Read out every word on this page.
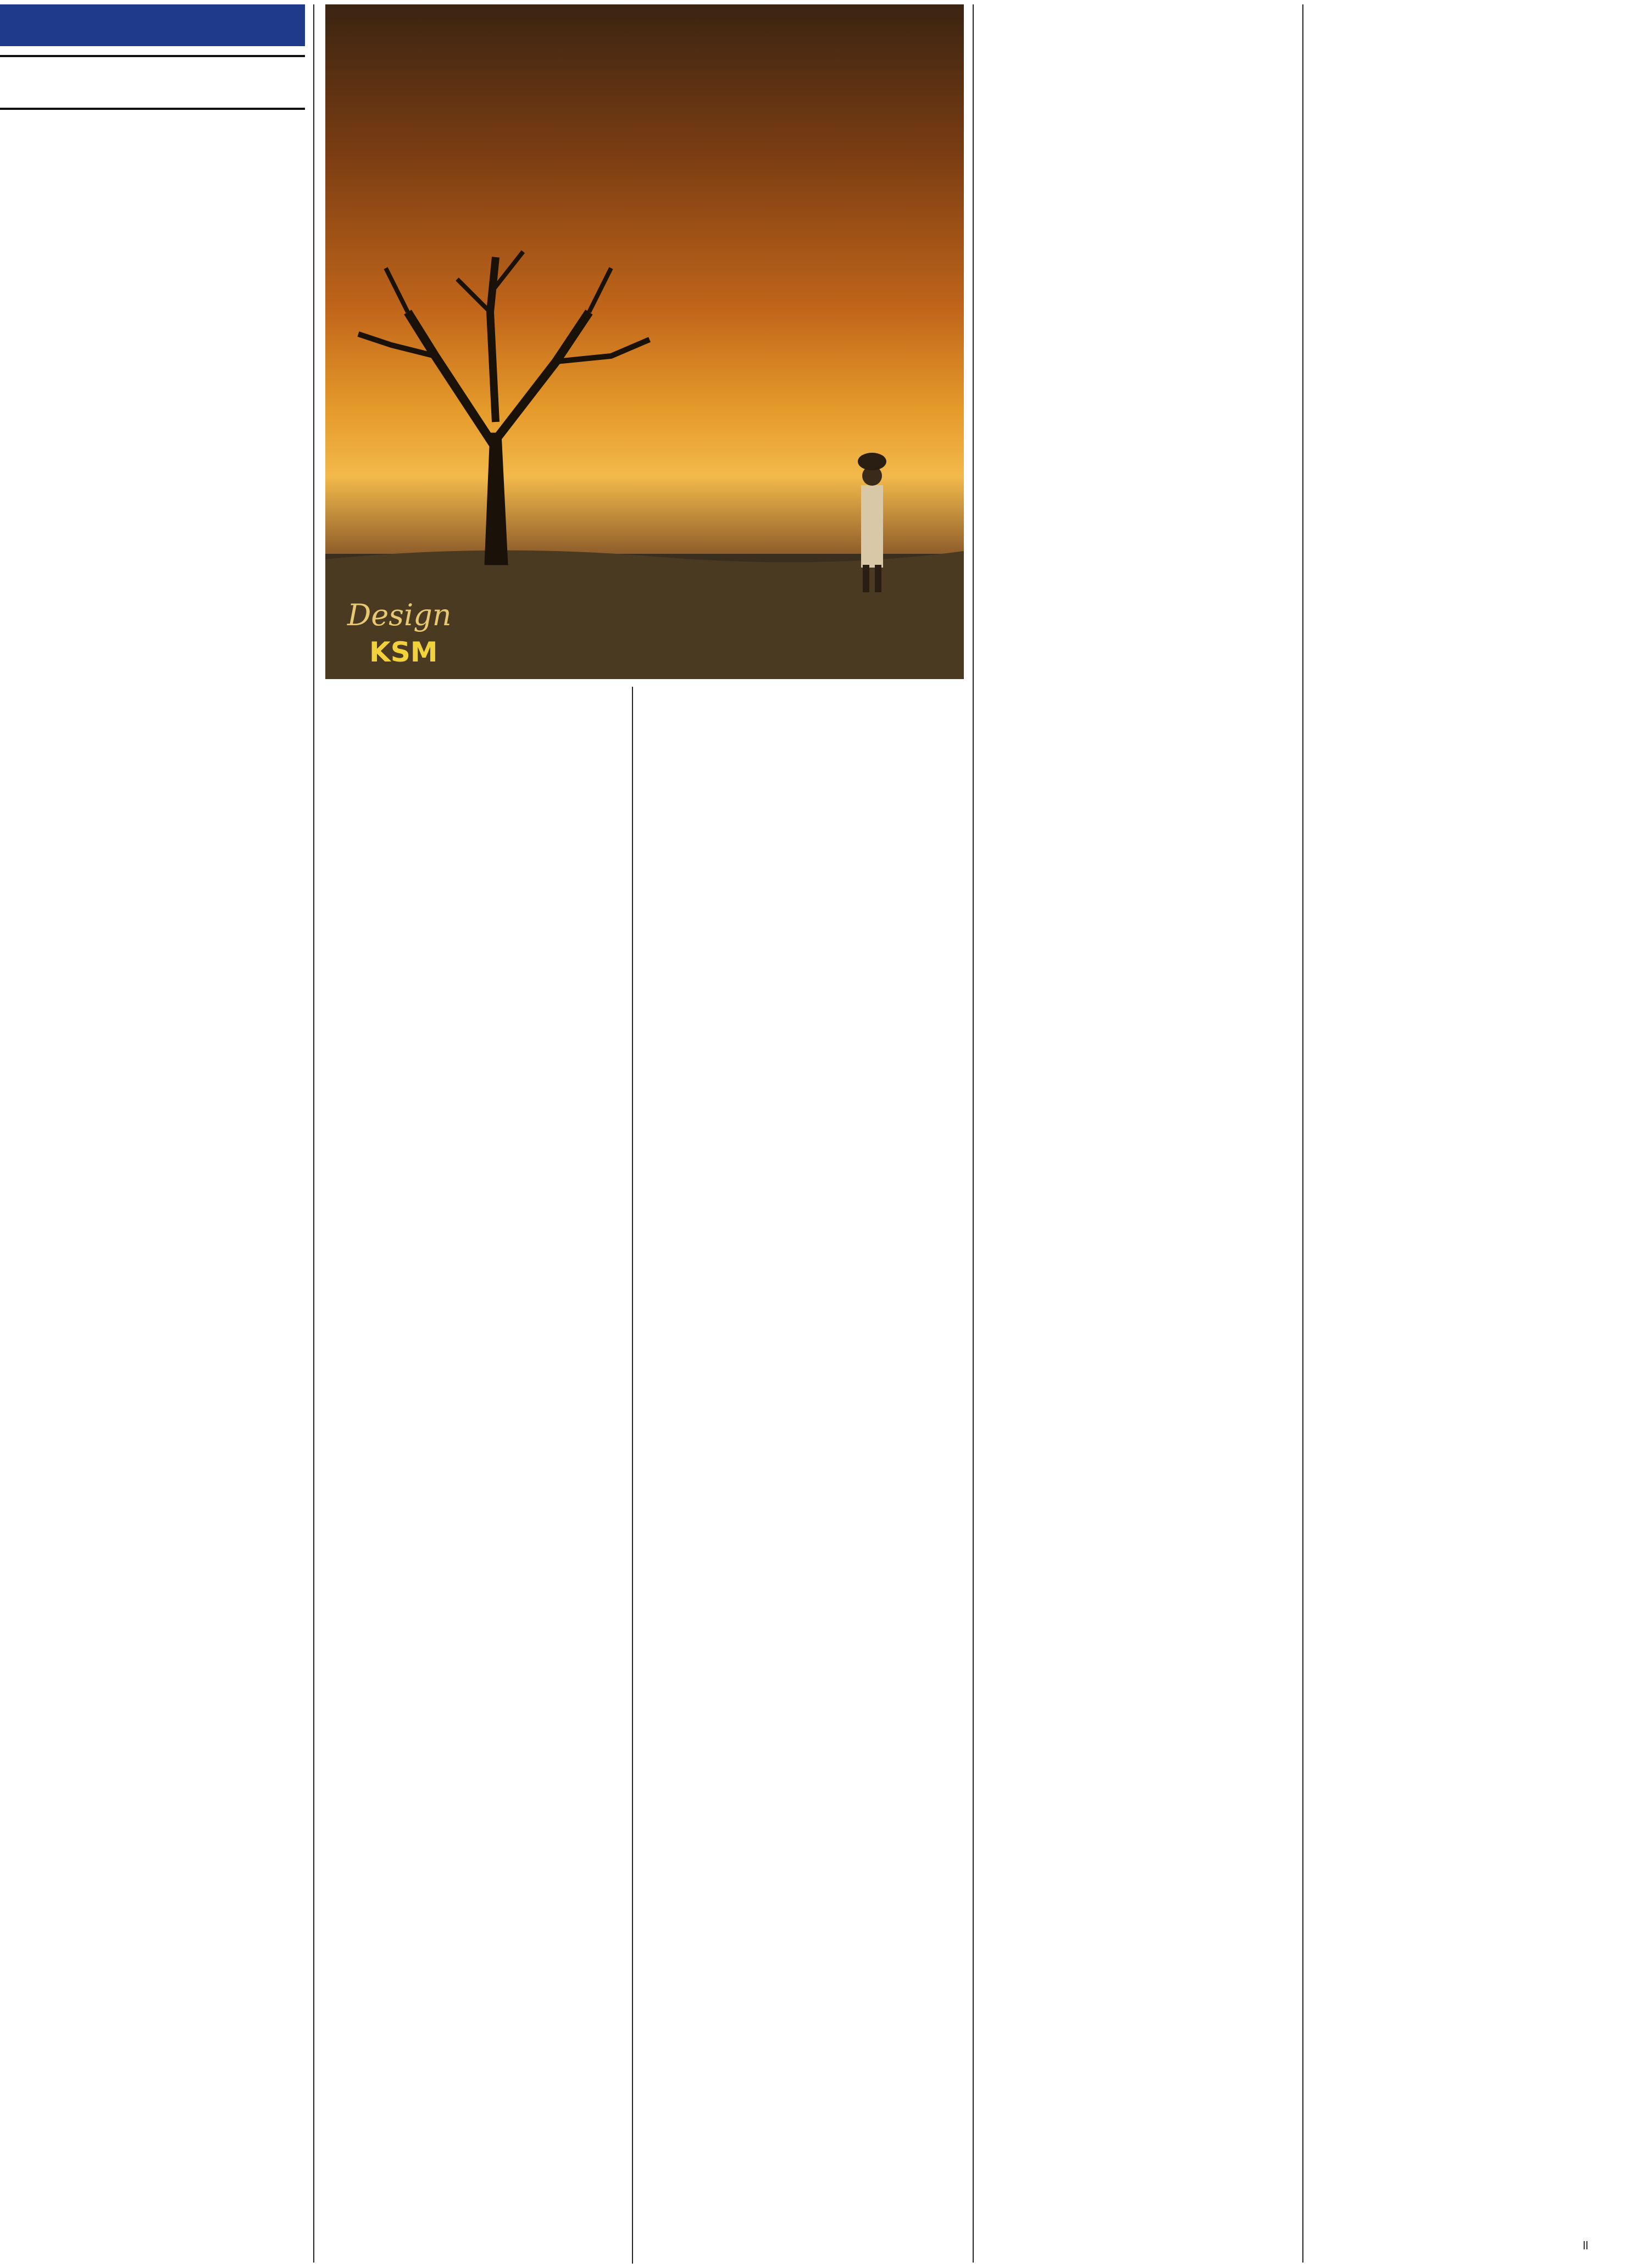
Design
KSM
။
